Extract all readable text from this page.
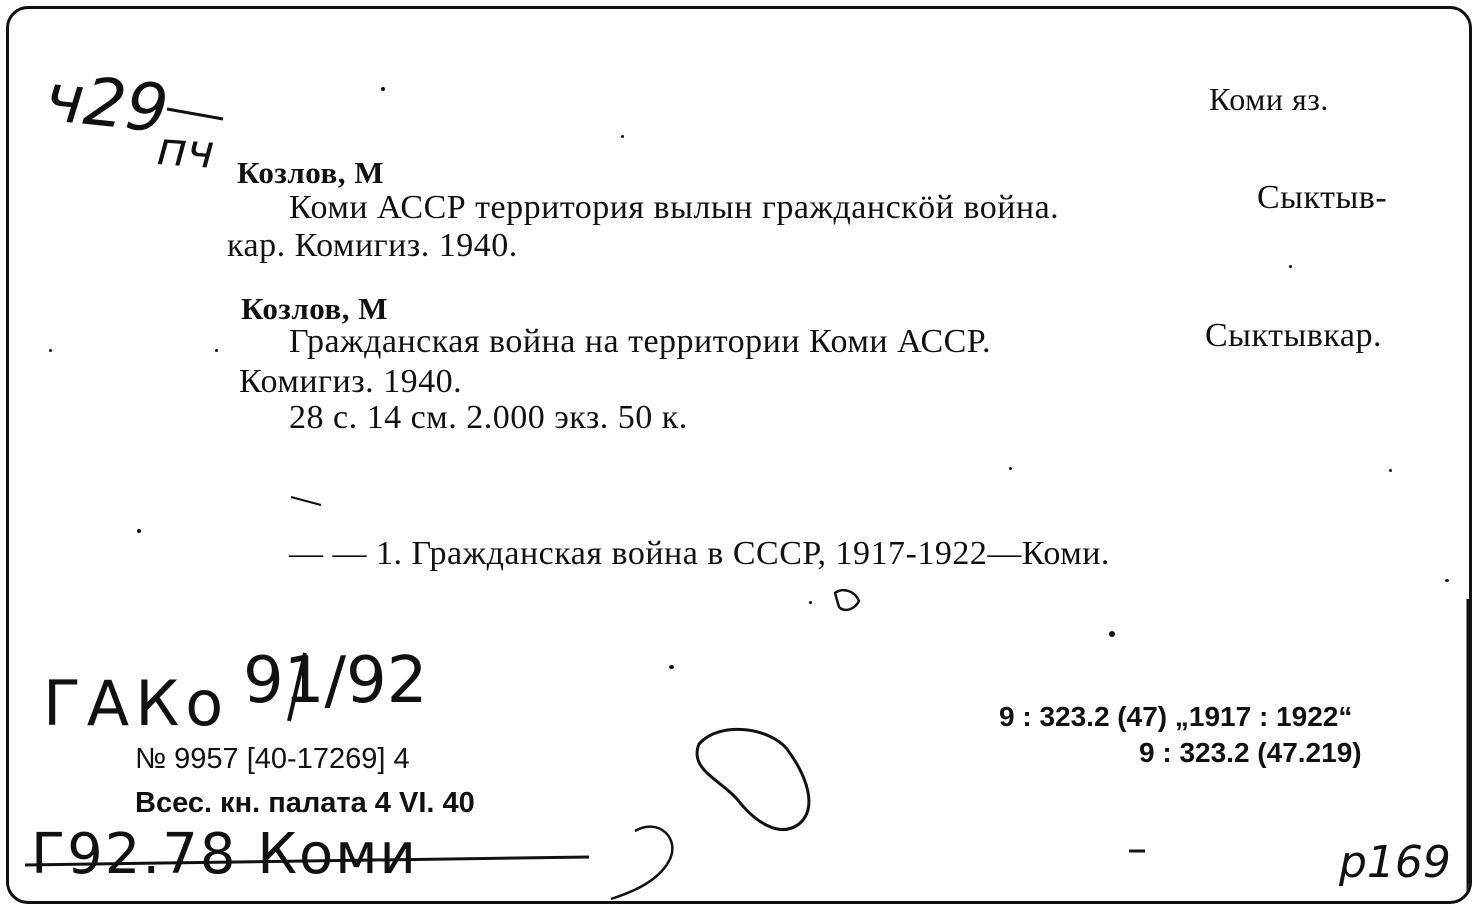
ч29
пч
Коми яз.
Козлов, М
Коми АССР территория вылын гражданскӧй война.	Сыктыв-
кар. Комигиз. 1940.
Козлов, М
Гражданская война на территории Коми АССР.	Сыктывкар.
Комигиз. 1940.
28 с. 14 см. 2.000 экз. 50 к.
— — 1. Гражданская война в СССР, 1917-1922—Коми.
ГАКо 91/92
№ 9957 [40-17269] 4
Всес. кн. палата 4 VI. 40
9 : 323.2 (47) „1917 : 1922“
9 : 323.2 (47.219)
Г92.78 Коми	р169
